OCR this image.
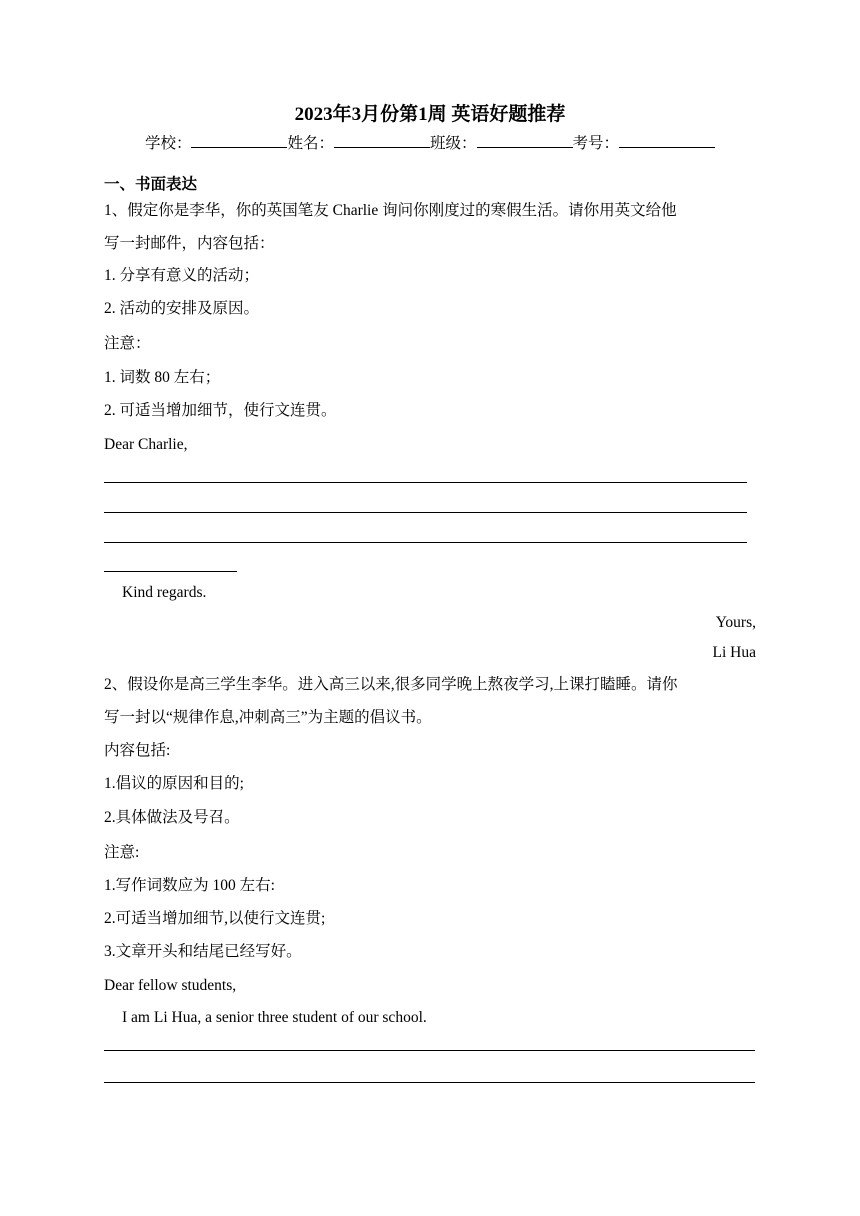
2023年3月份第1周 英语好题推荐
学校：	姓名：	班级：	考号：
一、书面表达
1、假定你是李华，你的英国笔友 Charlie 询问你刚度过的寒假生活。请你用英文给他
写一封邮件，内容包括：
1. 分享有意义的活动；
2. 活动的安排及原因。
注意：
1. 词数 80 左右；
2. 可适当增加细节，使行文连贯。
Dear Charlie,
Kind regards.
Yours,
Li Hua
2、假设你是高三学生李华。进入高三以来,很多同学晚上熬夜学习,上课打瞌睡。请你
写一封以“规律作息,冲刺高三”为主题的倡议书。
内容包括:
1.倡议的原因和目的;
2.具体做法及号召。
注意:
1.写作词数应为 100 左右:
2.可适当增加细节,以使行文连贯;
3.文章开头和结尾已经写好。
Dear fellow students,
I am Li Hua, a senior three student of our school.
